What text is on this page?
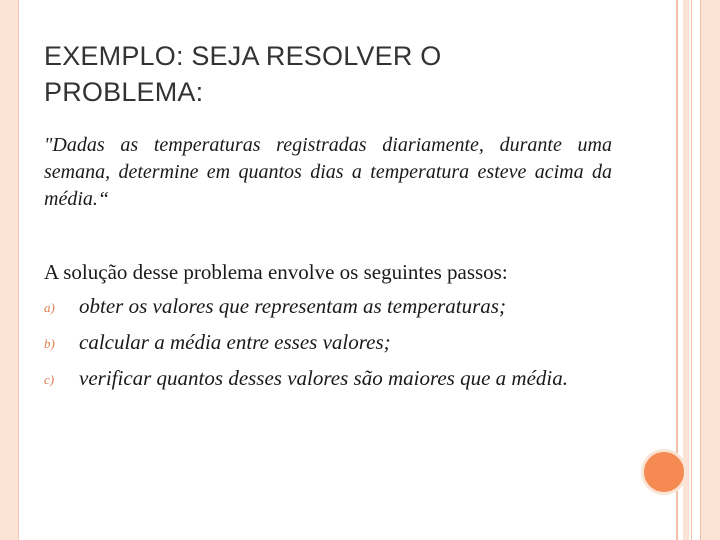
EXEMPLO: SEJA RESOLVER O PROBLEMA:
"Dadas as temperaturas registradas diariamente, durante uma semana, determine em quantos dias a temperatura esteve acima da média.“
A solução desse problema envolve os seguintes passos:
a) obter os valores que representam as temperaturas;
b) calcular a média entre esses valores;
c) verificar quantos desses valores são maiores que a média.
